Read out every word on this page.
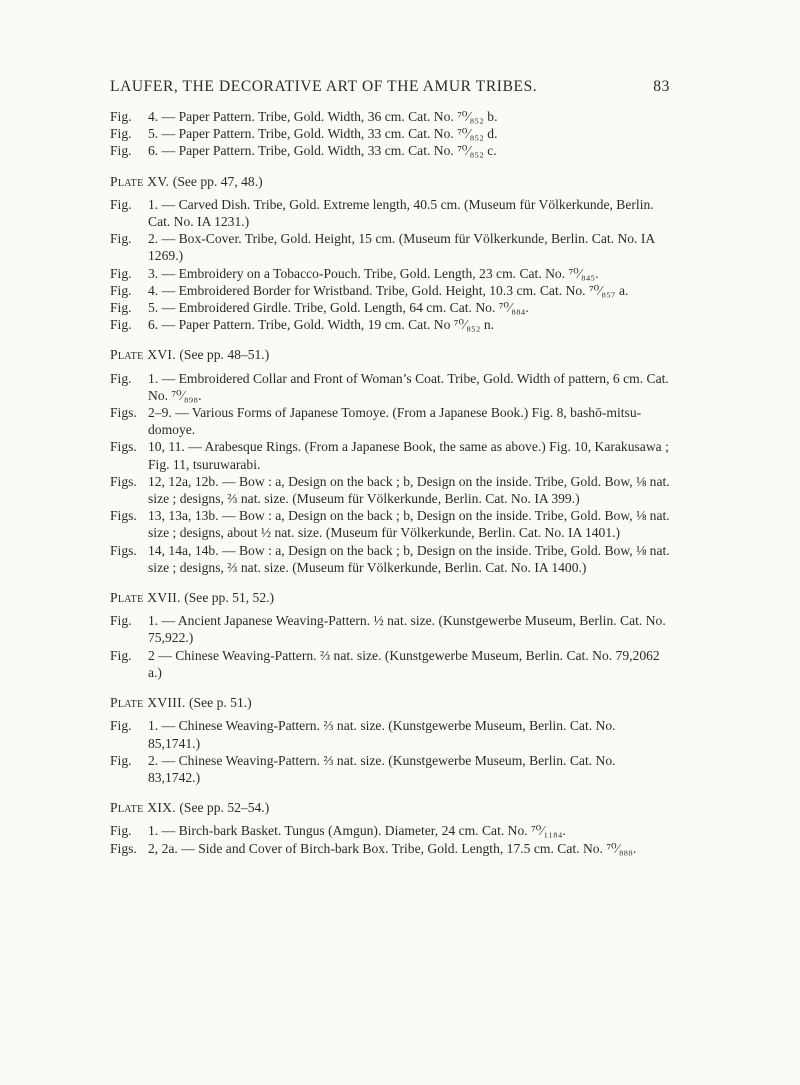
LAUFER, THE DECORATIVE ART OF THE AMUR TRIBES.	83
Fig. 4. — Paper Pattern. Tribe, Gold. Width, 36 cm. Cat. No. ⁷⁰⁄₈₅₂ b.
Fig. 5. — Paper Pattern. Tribe, Gold. Width, 33 cm. Cat. No. ⁷⁰⁄₈₅₂ d.
Fig. 6. — Paper Pattern. Tribe, Gold. Width, 33 cm. Cat. No. ⁷⁰⁄₈₅₂ c.
Plate XV. (See pp. 47, 48.)
Fig. 1. — Carved Dish. Tribe, Gold. Extreme length, 40.5 cm. (Museum für Völkerkunde, Berlin. Cat. No. IA 1231.)
Fig. 2. — Box-Cover. Tribe, Gold. Height, 15 cm. (Museum für Völkerkunde, Berlin. Cat. No. IA 1269.)
Fig. 3. — Embroidery on a Tobacco-Pouch. Tribe, Gold. Length, 23 cm. Cat. No. ⁷⁰⁄₈₄₅.
Fig. 4. — Embroidered Border for Wristband. Tribe, Gold. Height, 10.3 cm. Cat. No. ⁷⁰⁄₈₅₇ a.
Fig. 5. — Embroidered Girdle. Tribe, Gold. Length, 64 cm. Cat. No. ⁷⁰⁄₈₈₄.
Fig. 6. — Paper Pattern. Tribe, Gold. Width, 19 cm. Cat. No ⁷⁰⁄₈₅₂ n.
Plate XVI. (See pp. 48–51.)
Fig. 1. — Embroidered Collar and Front of Woman’s Coat. Tribe, Gold. Width of pattern, 6 cm. Cat. No. ⁷⁰⁄₈₉₈.
Figs. 2–9. — Various Forms of Japanese Tomoye. (From a Japanese Book.) Fig. 8, bashō-mitsu-domoye.
Figs. 10, 11. — Arabesque Rings. (From a Japanese Book, the same as above.) Fig. 10, Karakusawa ; Fig. 11, tsuruwarabi.
Figs. 12, 12a, 12b. — Bow : a, Design on the back ; b, Design on the inside. Tribe, Gold. Bow, ⅛ nat. size ; designs, ⅔ nat. size. (Museum für Völkerkunde, Berlin. Cat. No. IA 399.)
Figs. 13, 13a, 13b. — Bow : a, Design on the back ; b, Design on the inside. Tribe, Gold. Bow, ⅛ nat. size ; designs, about ½ nat. size. (Museum für Völkerkunde, Berlin. Cat. No. IA 1401.)
Figs. 14, 14a, 14b. — Bow : a, Design on the back ; b, Design on the inside. Tribe, Gold. Bow, ⅛ nat. size ; designs, ⅔ nat. size. (Museum für Völkerkunde, Berlin. Cat. No. IA 1400.)
Plate XVII. (See pp. 51, 52.)
Fig. 1. — Ancient Japanese Weaving-Pattern. ½ nat. size. (Kunstgewerbe Museum, Berlin. Cat. No. 75,922.)
Fig. 2 — Chinese Weaving-Pattern. ⅔ nat. size. (Kunstgewerbe Museum, Berlin. Cat. No. 79,2062 a.)
Plate XVIII. (See p. 51.)
Fig. 1. — Chinese Weaving-Pattern. ⅔ nat. size. (Kunstgewerbe Museum, Berlin. Cat. No. 85,1741.)
Fig. 2. — Chinese Weaving-Pattern. ⅔ nat. size. (Kunstgewerbe Museum, Berlin. Cat. No. 83,1742.)
Plate XIX. (See pp. 52–54.)
Fig. 1. — Birch-bark Basket. Tungus (Amgun). Diameter, 24 cm. Cat. No. ⁷⁰⁄₁₁₈₄.
Figs. 2, 2a. — Side and Cover of Birch-bark Box. Tribe, Gold. Length, 17.5 cm. Cat. No. ⁷⁰⁄₈₈₈.
